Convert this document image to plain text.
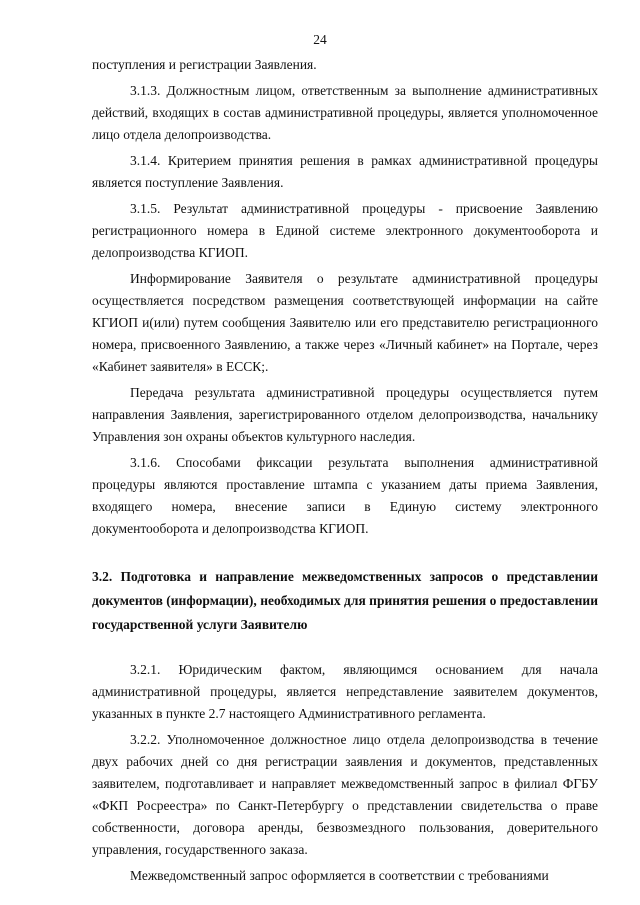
24

поступления и регистрации Заявления.

3.1.3. Должностным лицом, ответственным за выполнение административных действий, входящих в состав административной процедуры, является уполномоченное лицо отдела делопроизводства.

3.1.4. Критерием принятия решения в рамках административной процедуры является поступление Заявления.

3.1.5. Результат административной процедуры - присвоение Заявлению регистрационного номера в Единой системе электронного документооборота и делопроизводства КГИОП.

Информирование Заявителя о результате административной процедуры осуществляется посредством размещения соответствующей информации на сайте КГИОП и(или) путем сообщения Заявителю или его представителю регистрационного номера, присвоенного Заявлению, а также через «Личный кабинет» на Портале, через «Кабинет заявителя» в ЕССК;.

Передача результата административной процедуры осуществляется путем направления Заявления, зарегистрированного отделом делопроизводства, начальнику Управления зон охраны объектов культурного наследия.

3.1.6. Способами фиксации результата выполнения административной процедуры являются проставление штампа с указанием даты приема Заявления, входящего номера, внесение записи в Единую систему электронного документооборота и делопроизводства КГИОП.

3.2. Подготовка и направление межведомственных запросов о представлении документов (информации), необходимых для принятия решения о предоставлении государственной услуги Заявителю

3.2.1. Юридическим фактом, являющимся основанием для начала административной процедуры, является непредставление заявителем документов, указанных в пункте 2.7 настоящего Административного регламента.

3.2.2. Уполномоченное должностное лицо отдела делопроизводства в течение двух рабочих дней со дня регистрации заявления и документов, представленных заявителем, подготавливает и направляет межведомственный запрос в филиал ФГБУ «ФКП Росреестра» по Санкт-Петербургу о представлении свидетельства о праве собственности, договора аренды, безвозмездного пользования, доверительного управления, государственного заказа.

Межведомственный запрос оформляется в соответствии с требованиями
